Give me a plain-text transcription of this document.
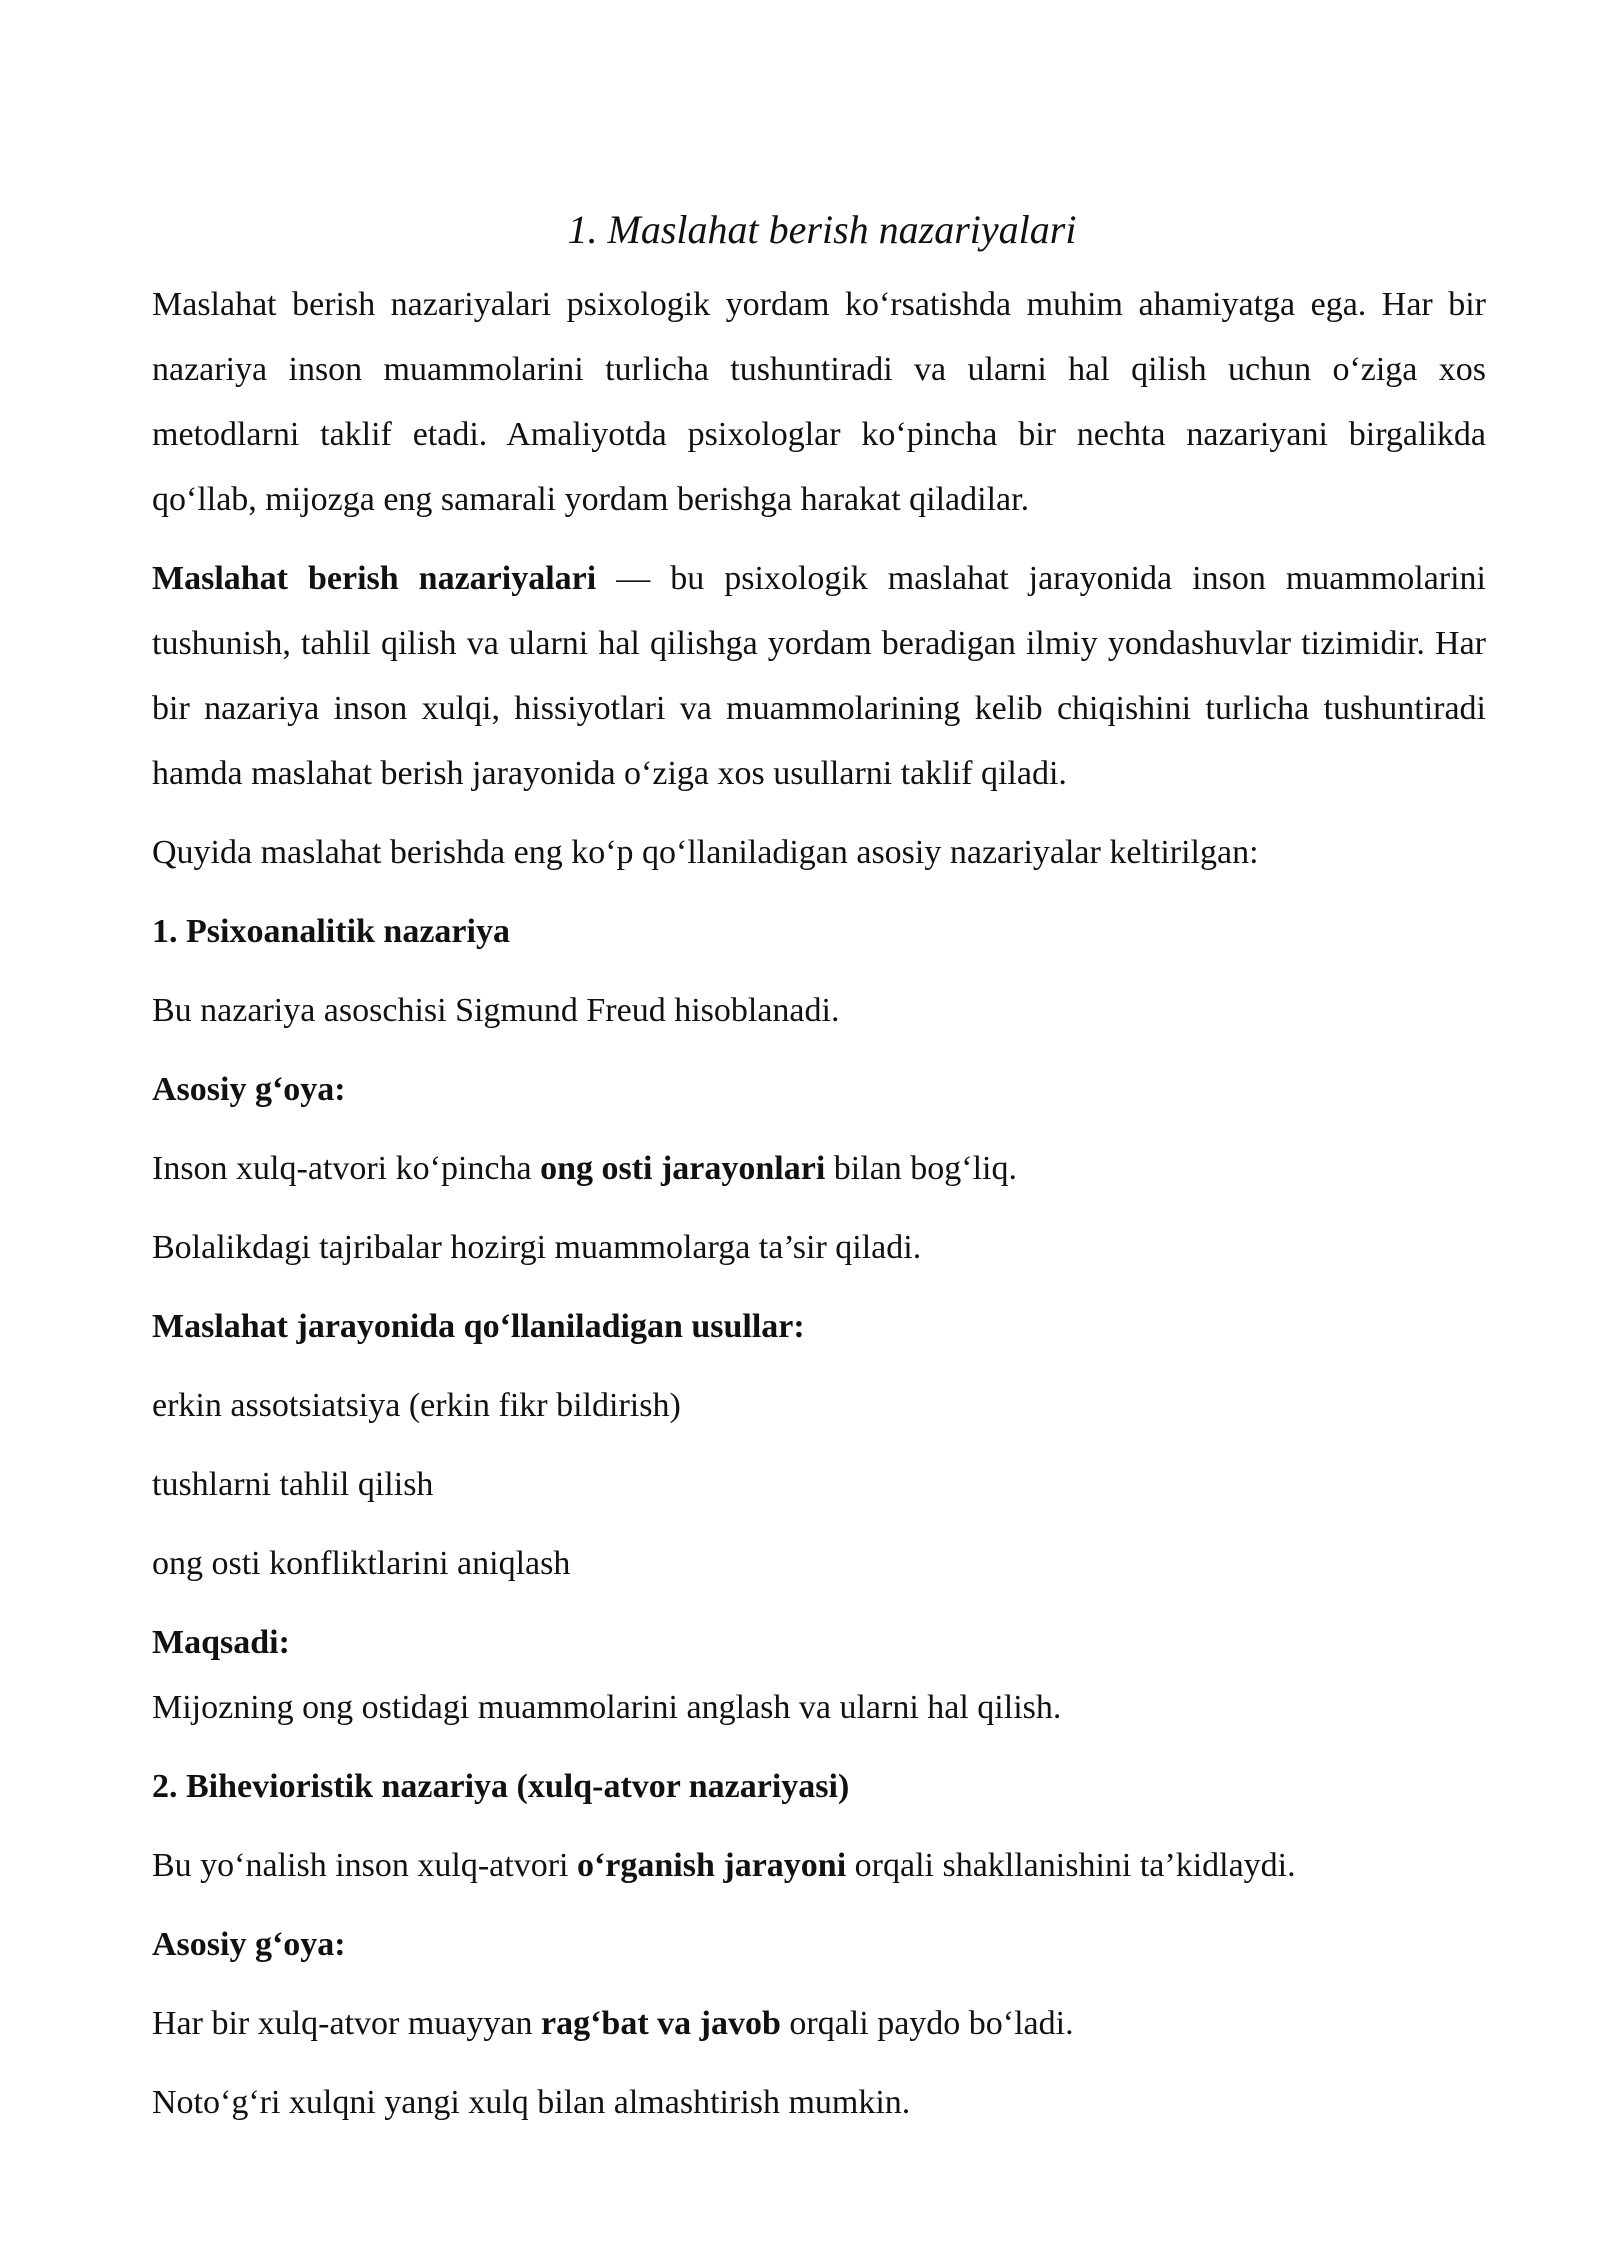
1. Maslahat berish nazariyalari

Maslahat berish nazariyalari psixologik yordam ko‘rsatishda muhim ahamiyatga ega. Har bir nazariya inson muammolarini turlicha tushuntiradi va ularni hal qilish uchun o‘ziga xos metodlarni taklif etadi. Amaliyotda psixologlar ko‘pincha bir nechta nazariyani birgalikda qo‘llab, mijozga eng samarali yordam berishga harakat qiladilar.

Maslahat berish nazariyalari — bu psixologik maslahat jarayonida inson muammolarini tushunish, tahlil qilish va ularni hal qilishga yordam beradigan ilmiy yondashuvlar tizimidir. Har bir nazariya inson xulqi, hissiyotlari va muammolarining kelib chiqishini turlicha tushuntiradi hamda maslahat berish jarayonida o‘ziga xos usullarni taklif qiladi.

Quyida maslahat berishda eng ko‘p qo‘llaniladigan asosiy nazariyalar keltirilgan:

1. Psixoanalitik nazariya

Bu nazariya asoschisi Sigmund Freud hisoblanadi.

Asosiy g‘oya:

Inson xulq-atvori ko‘pincha ong osti jarayonlari bilan bog‘liq.

Bolalikdagi tajribalar hozirgi muammolarga ta’sir qiladi.

Maslahat jarayonida qo‘llaniladigan usullar:

erkin assotsiatsiya (erkin fikr bildirish)

tushlarni tahlil qilish

ong osti konfliktlarini aniqlash

Maqsadi:

Mijozning ong ostidagi muammolarini anglash va ularni hal qilish.

2. Bihevioristik nazariya (xulq-atvor nazariyasi)

Bu yo‘nalish inson xulq-atvori o‘rganish jarayoni orqali shakllanishini ta’kidlaydi.

Asosiy g‘oya:

Har bir xulq-atvor muayyan rag‘bat va javob orqali paydo bo‘ladi.

Noto‘g‘ri xulqni yangi xulq bilan almashtirish mumkin.
